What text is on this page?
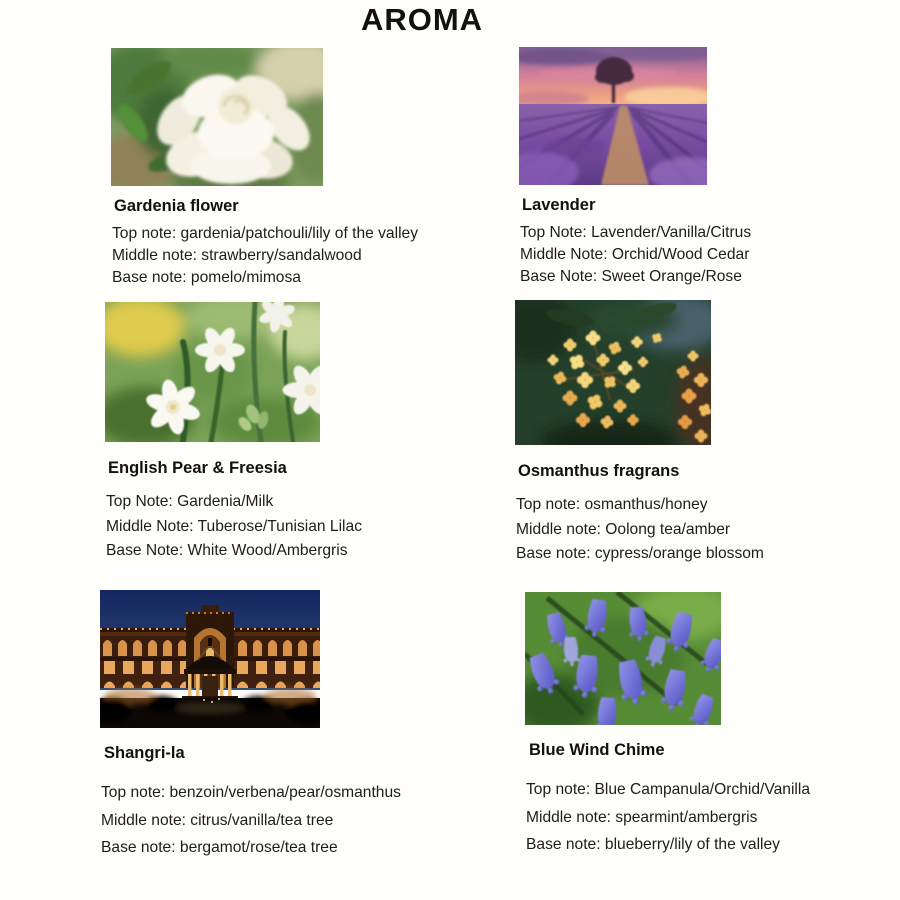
AROMA
Gardenia flower
Top note: gardenia/patchouli/lily of the valley
Middle note: strawberry/sandalwood
Base note: pomelo/mimosa
Lavender
Top Note: Lavender/Vanilla/Citrus
Middle Note: Orchid/Wood Cedar
Base Note: Sweet Orange/Rose
English Pear & Freesia
Top Note: Gardenia/Milk
Middle Note: Tuberose/Tunisian Lilac
Base Note: White Wood/Ambergris
Osmanthus fragrans
Top note: osmanthus/honey
Middle note: Oolong tea/amber
Base note: cypress/orange blossom
Shangri-la
Top note: benzoin/verbena/pear/osmanthus
Middle note: citrus/vanilla/tea tree
Base note: bergamot/rose/tea tree
Blue Wind Chime
Top note: Blue Campanula/Orchid/Vanilla
Middle note: spearmint/ambergris
Base note: blueberry/lily of the valley
